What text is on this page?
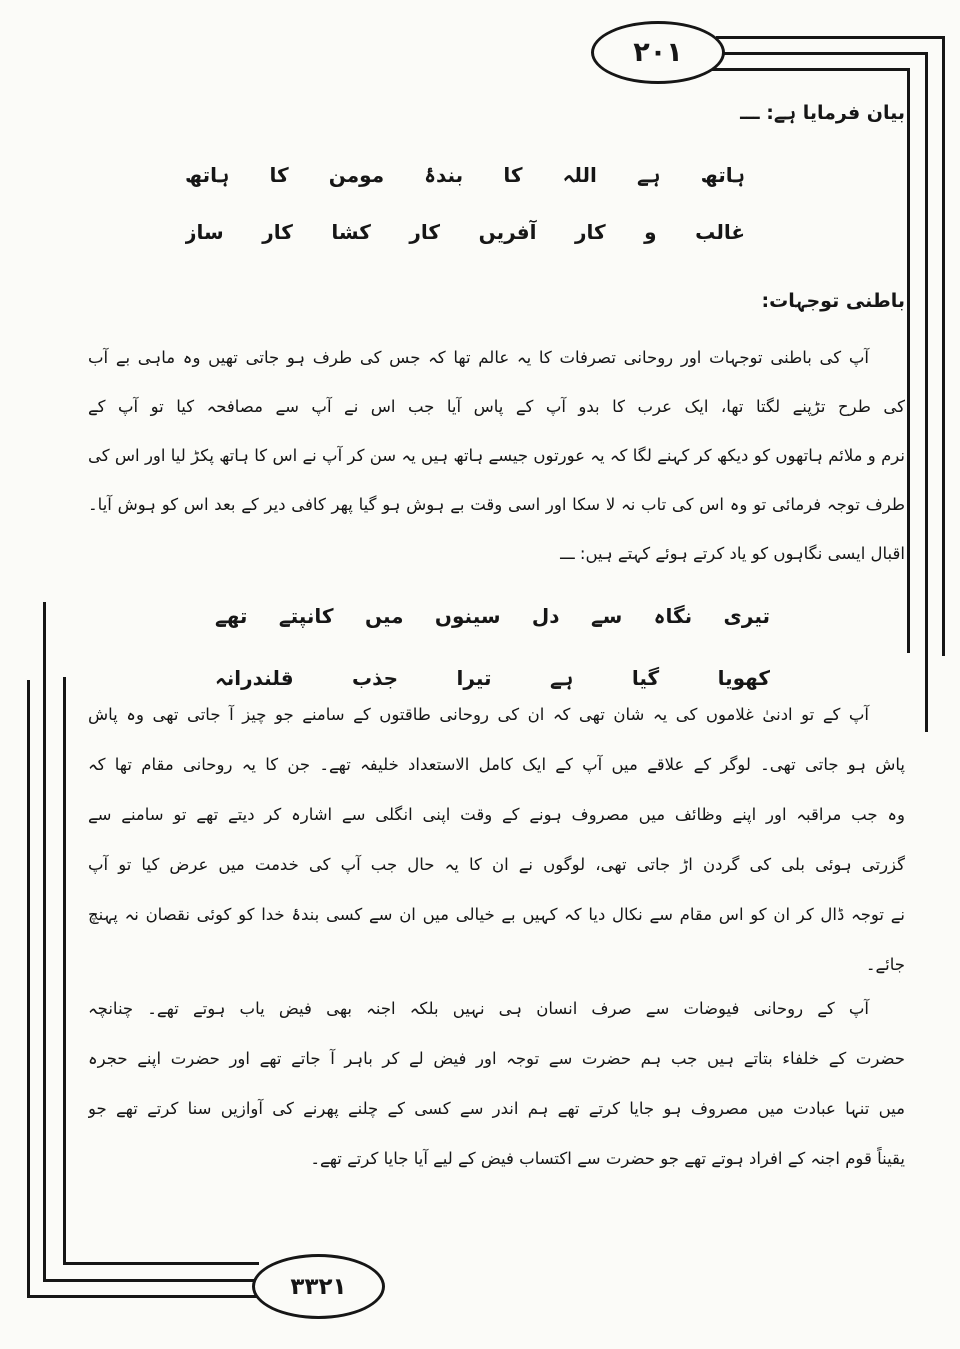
۲۰۱
۳۳۲۱
بیان فرمایا ہے: ـــ
ہاتھ ہے اللہ کا بندۂ مومن کا ہاتھ
غالب و کار آفریں کار کشا کار ساز
باطنی توجہات:
آپ کی باطنی توجہات اور روحانی تصرفات کا یہ عالم تھا کہ جس کی طرف ہو جاتی تھیں وہ ماہی بے آب
کی طرح تڑپنے لگتا تھا، ایک عرب کا بدو آپ کے پاس آیا جب اس نے آپ سے مصافحہ کیا تو آپ کے
نرم و ملائم ہاتھوں کو دیکھ کر کہنے لگا کہ یہ عورتوں جیسے ہاتھ ہیں یہ سن کر آپ نے اس کا ہاتھ پکڑ لیا اور اس کی
طرف توجہ فرمائی تو وہ اس کی تاب نہ لا سکا اور اسی وقت بے ہوش ہو گیا پھر کافی دیر کے بعد اس کو ہوش آیا۔
اقبال ایسی نگاہوں کو یاد کرتے ہوئے کہتے ہیں: ـــ
تیری نگاہ سے دل سینوں میں کانپتے تھے
کھویا گیا ہے تیرا جذب قلندرانہ
آپ کے تو ادنیٰ غلاموں کی یہ شان تھی کہ ان کی روحانی طاقتوں کے سامنے جو چیز آ جاتی تھی وہ پاش
پاش ہو جاتی تھی۔ لوگر کے علاقے میں آپ کے ایک کامل الاستعداد خلیفہ تھے۔ جن کا یہ روحانی مقام تھا کہ
وہ جب مراقبہ اور اپنے وظائف میں مصروف ہونے کے وقت اپنی انگلی سے اشارہ کر دیتے تھے تو سامنے سے
گزرتی ہوئی بلی کی گردن اڑ جاتی تھی، لوگوں نے ان کا یہ حال جب آپ کی خدمت میں عرض کیا تو آپ
نے توجہ ڈال کر ان کو اس مقام سے نکال دیا کہ کہیں بے خیالی میں ان سے کسی بندۂ خدا کو کوئی نقصان نہ پہنچ
جائے۔
آپ کے روحانی فیوضات سے صرف انسان ہی نہیں بلکہ اجنہ بھی فیض یاب ہوتے تھے۔ چنانچہ
حضرت کے خلفاء بتاتے ہیں جب ہم حضرت سے توجہ اور فیض لے کر باہر آ جاتے تھے اور حضرت اپنے حجرہ
میں تنہا عبادت میں مصروف ہو جایا کرتے تھے ہم اندر سے کسی کے چلنے پھرنے کی آوازیں سنا کرتے تھے جو
یقیناً قوم اجنہ کے افراد ہوتے تھے جو حضرت سے اکتساب فیض کے لیے آیا جایا کرتے تھے۔
